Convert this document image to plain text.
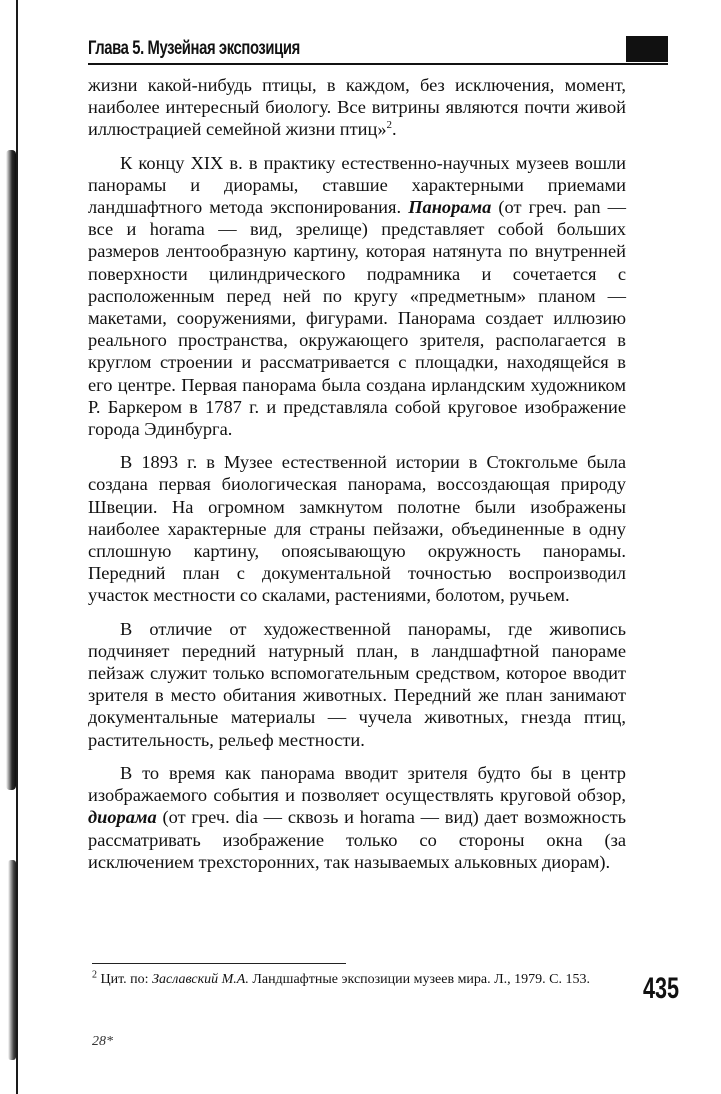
Глава 5. Музейная экспозиция

жизни какой-нибудь птицы, в каждом, без исключения, момент, наиболее интересный биологу. Все витрины являются почти живой иллюстрацией семейной жизни птиц»$^2$.

К концу XIX в. в практику естественно-научных музеев вошли панорамы и диорамы, ставшие характерными приемами ландшафтного метода экспонирования. Панорама (от греч. pan — все и horama — вид, зрелище) представляет собой больших размеров лентообразную картину, которая натянута по внутренней поверхности цилиндрического подрамника и сочетается с расположенным перед ней по кругу «предметным» планом — макетами, сооружениями, фигурами. Панорама создает иллюзию реального пространства, окружающего зрителя, располагается в круглом строении и рассматривается с площадки, находящейся в его центре. Первая панорама была создана ирландским художником Р. Баркером в 1787 г. и представляла собой круговое изображение города Эдинбурга.

В 1893 г. в Музее естественной истории в Стокгольме была создана первая биологическая панорама, воссоздающая природу Швеции. На огромном замкнутом полотне были изображены наиболее характерные для страны пейзажи, объединенные в одну сплошную картину, опоясывающую окружность панорамы. Передний план с документальной точностью воспроизводил участок местности со скалами, растениями, болотом, ручьем.

В отличие от художественной панорамы, где живопись подчиняет передний натурный план, в ландшафтной панораме пейзаж служит только вспомогательным средством, которое вводит зрителя в место обитания животных. Передний же план занимают документальные материалы — чучела животных, гнезда птиц, растительность, рельеф местности.

В то время как панорама вводит зрителя будто бы в центр изображаемого события и позволяет осуществлять круговой обзор, диорама (от греч. dia — сквозь и horama — вид) дает возможность рассматривать изображение только со стороны окна (за исключением трехсторонних, так называемых альковных диорам).

$^2$ Цит. по: Заславский М.А. Ландшафтные экспозиции музеев мира. Л., 1979. С. 153.	435
28*
